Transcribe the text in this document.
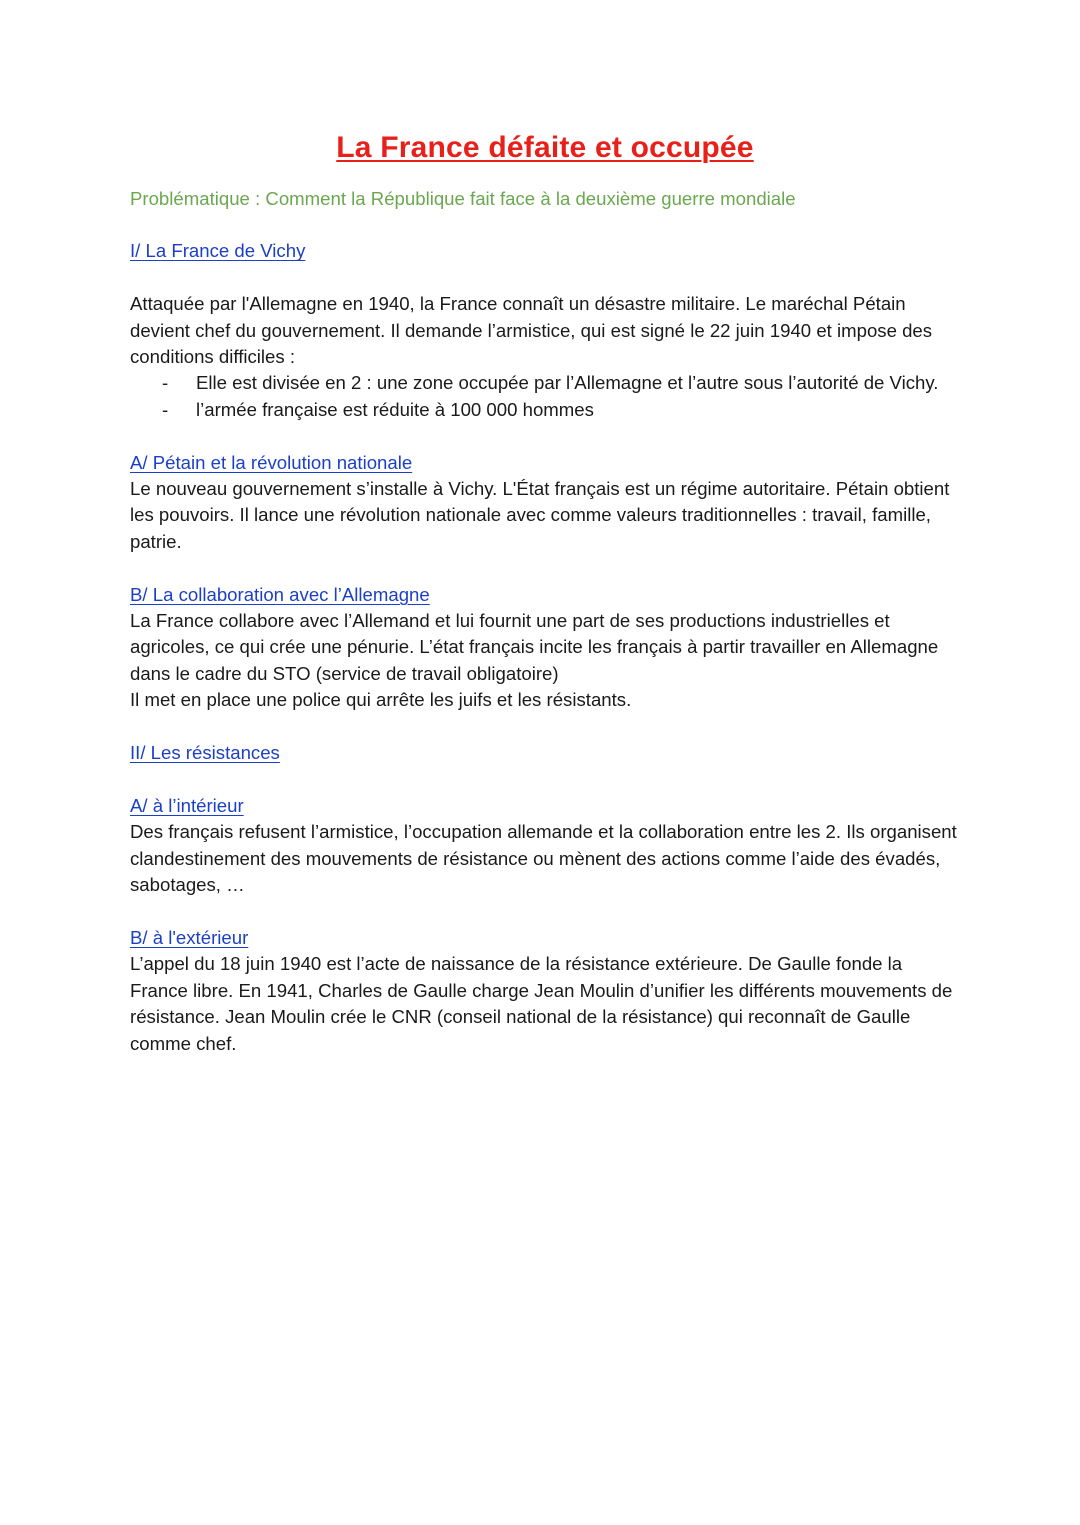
La France défaite et occupée

Problématique : Comment la République fait face à la deuxième guerre mondiale

I/ La France de Vichy

Attaquée par l'Allemagne en 1940, la France connaît un désastre militaire. Le maréchal Pétain devient chef du gouvernement. Il demande l’armistice, qui est signé le 22 juin 1940 et impose des conditions difficiles :

- Elle est divisée en 2 : une zone occupée par l’Allemagne et l’autre sous l’autorité de Vichy.
- l’armée française est réduite à 100 000 hommes
A/ Pétain et la révolution nationale

Le nouveau gouvernement s’installe à Vichy. L'État français est un régime autoritaire. Pétain obtient les pouvoirs. Il lance une révolution nationale avec comme valeurs traditionnelles : travail, famille, patrie.

B/ La collaboration avec l’Allemagne

La France collabore avec l’Allemand et lui fournit une part de ses productions industrielles et agricoles, ce qui crée une pénurie. L’état français incite les français à partir travailler en Allemagne dans le cadre du STO (service de travail obligatoire)

Il met en place une police qui arrête les juifs et les résistants.

II/ Les résistances
A/ à l’intérieur

Des français refusent l’armistice, l’occupation allemande et la collaboration entre les 2. Ils organisent clandestinement des mouvements de résistance ou mènent des actions comme l’aide des évadés, sabotages, …

B/ à l'extérieur

L’appel du 18 juin 1940 est l’acte de naissance de la résistance extérieure. De Gaulle fonde la France libre. En 1941, Charles de Gaulle charge Jean Moulin d’unifier les différents mouvements de résistance. Jean Moulin crée le CNR (conseil national de la résistance) qui reconnaît de Gaulle comme chef.
